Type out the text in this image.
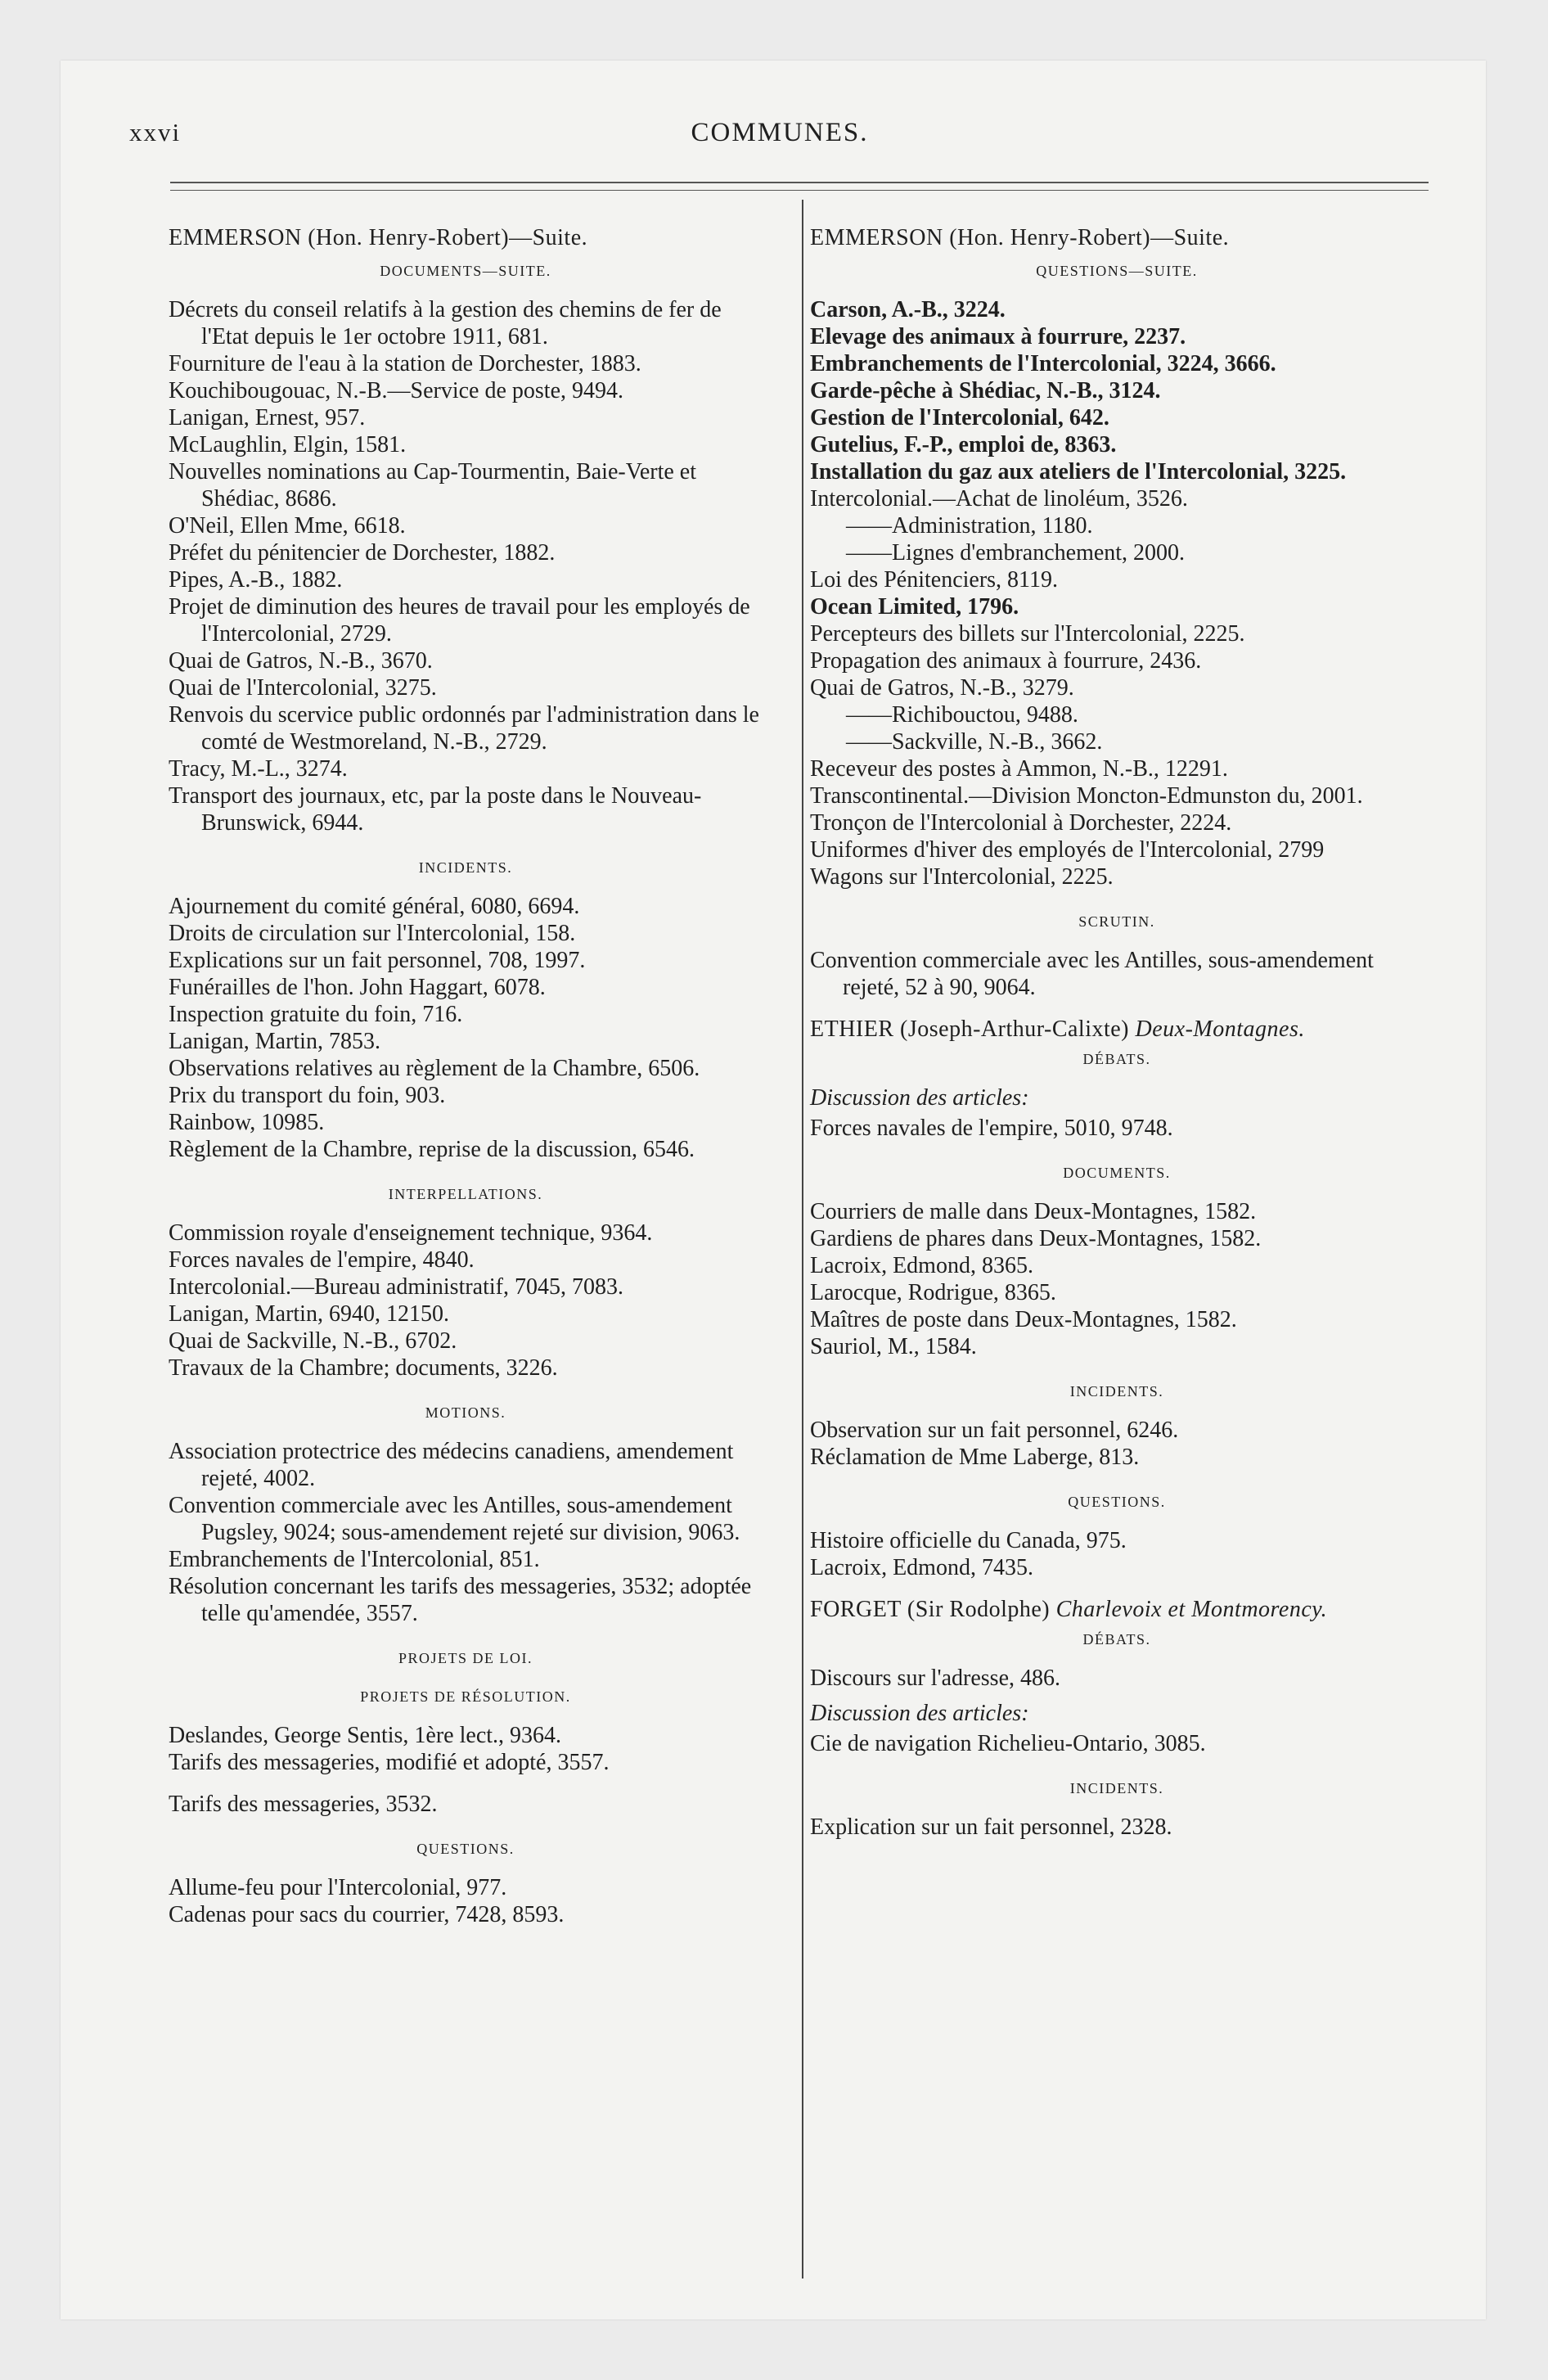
xxvi	COMMUNES.
EMMERSON (Hon. Henry-Robert)—Suite.
DOCUMENTS—SUITE.

Décrets du conseil relatifs à la gestion des chemins de fer de l'Etat depuis le 1er octobre 1911, 681.

Fourniture de l'eau à la station de Dorchester, 1883.

Kouchibougouac, N.-B.—Service de poste, 9494.

Lanigan, Ernest, 957.

McLaughlin, Elgin, 1581.

Nouvelles nominations au Cap-Tourmentin, Baie-Verte et Shédiac, 8686.

O'Neil, Ellen Mme, 6618.

Préfet du pénitencier de Dorchester, 1882.

Pipes, A.-B., 1882.

Projet de diminution des heures de travail pour les employés de l'Intercolonial, 2729.

Quai de Gatros, N.-B., 3670.

Quai de l'Intercolonial, 3275.

Renvois du scervice public ordonnés par l'administration dans le comté de Westmoreland, N.-B., 2729.

Tracy, M.-L., 3274.

Transport des journaux, etc, par la poste dans le Nouveau-Brunswick, 6944.

INCIDENTS.

Ajournement du comité général, 6080, 6694.

Droits de circulation sur l'Intercolonial, 158.

Explications sur un fait personnel, 708, 1997.

Funérailles de l'hon. John Haggart, 6078.

Inspection gratuite du foin, 716.

Lanigan, Martin, 7853.

Observations relatives au règlement de la Chambre, 6506.

Prix du transport du foin, 903.

Rainbow, 10985.

Règlement de la Chambre, reprise de la discussion, 6546.

INTERPELLATIONS.

Commission royale d'enseignement technique, 9364.

Forces navales de l'empire, 4840.

Intercolonial.—Bureau administratif, 7045, 7083.

Lanigan, Martin, 6940, 12150.

Quai de Sackville, N.-B., 6702.

Travaux de la Chambre; documents, 3226.

MOTIONS.

Association protectrice des médecins canadiens, amendement rejeté, 4002.

Convention commerciale avec les Antilles, sous-amendement Pugsley, 9024; sous-amendement rejeté sur division, 9063.

Embranchements de l'Intercolonial, 851.

Résolution concernant les tarifs des messageries, 3532; adoptée telle qu'amendée, 3557.

PROJETS DE LOI.
PROJETS DE RÉSOLUTION.

Deslandes, George Sentis, 1ère lect., 9364.

Tarifs des messageries, modifié et adopté, 3557.

Tarifs des messageries, 3532.

QUESTIONS.

Allume-feu pour l'Intercolonial, 977.

Cadenas pour sacs du courrier, 7428, 8593.

EMMERSON (Hon. Henry-Robert)—Suite.
QUESTIONS—SUITE.

Carson, A.-B., 3224.

Elevage des animaux à fourrure, 2237.

Embranchements de l'Intercolonial, 3224, 3666.

Garde-pêche à Shédiac, N.-B., 3124.

Gestion de l'Intercolonial, 642.

Gutelius, F.-P., emploi de, 8363.

Installation du gaz aux ateliers de l'Intercolonial, 3225.

Intercolonial.—Achat de linoléum, 3526.

——Administration, 1180.

——Lignes d'embranchement, 2000.

Loi des Pénitenciers, 8119.

Ocean Limited, 1796.

Percepteurs des billets sur l'Intercolonial, 2225.

Propagation des animaux à fourrure, 2436.

Quai de Gatros, N.-B., 3279.

——Richibouctou, 9488.

——Sackville, N.-B., 3662.

Receveur des postes à Ammon, N.-B., 12291.

Transcontinental.—Division Moncton-Edmunston du, 2001.

Tronçon de l'Intercolonial à Dorchester, 2224.

Uniformes d'hiver des employés de l'Intercolonial, 2799

Wagons sur l'Intercolonial, 2225.

SCRUTIN.

Convention commerciale avec les Antilles, sous-amendement rejeté, 52 à 90, 9064.

ETHIER (Joseph-Arthur-Calixte) Deux-Montagnes.

DÉBATS.
Discussion des articles:

Forces navales de l'empire, 5010, 9748.

DOCUMENTS.

Courriers de malle dans Deux-Montagnes, 1582.

Gardiens de phares dans Deux-Montagnes, 1582.

Lacroix, Edmond, 8365.

Larocque, Rodrigue, 8365.

Maîtres de poste dans Deux-Montagnes, 1582.

Sauriol, M., 1584.

INCIDENTS.

Observation sur un fait personnel, 6246.

Réclamation de Mme Laberge, 813.

QUESTIONS.

Histoire officielle du Canada, 975.

Lacroix, Edmond, 7435.

FORGET (Sir Rodolphe) Charlevoix et Montmorency.

DÉBATS.

Discours sur l'adresse, 486.

Discussion des articles:

Cie de navigation Richelieu-Ontario, 3085.

INCIDENTS.

Explication sur un fait personnel, 2328.
